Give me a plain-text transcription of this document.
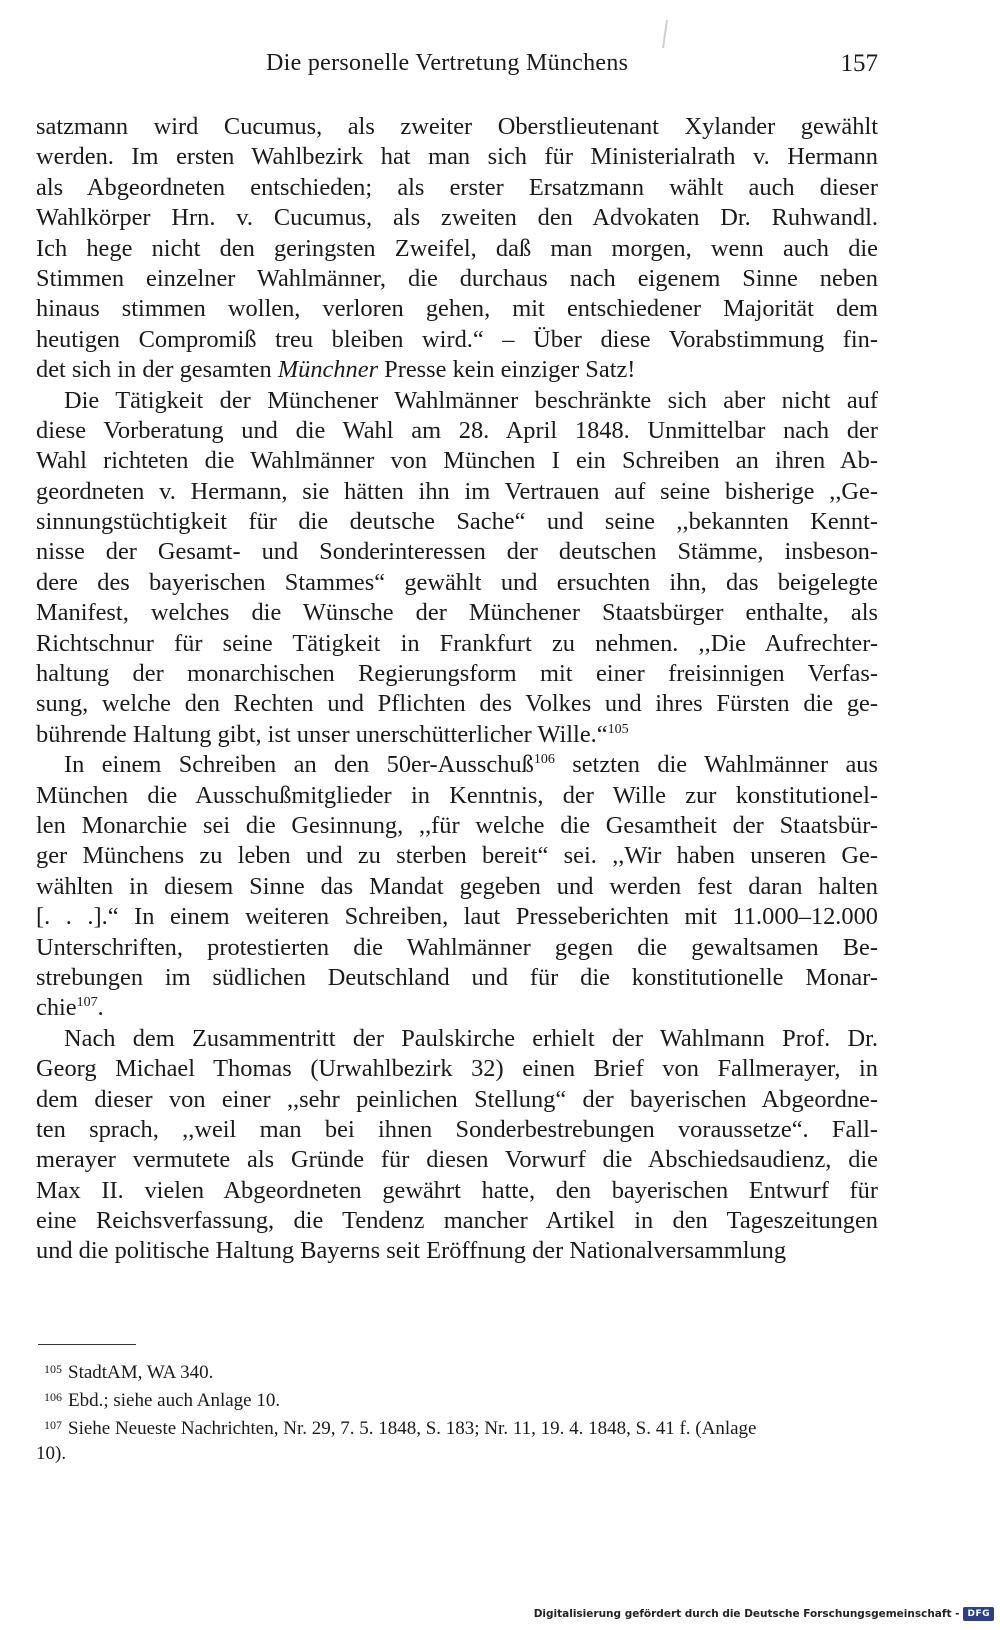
Die personelle Vertretung Münchens	157
satzmann wird Cucumus, als zweiter Oberstlieutenant Xylander gewählt
werden. Im ersten Wahlbezirk hat man sich für Ministerialrath v. Hermann
als Abgeordneten entschieden; als erster Ersatzmann wählt auch dieser
Wahlkörper Hrn. v. Cucumus, als zweiten den Advokaten Dr. Ruhwandl.
Ich hege nicht den geringsten Zweifel, daß man morgen, wenn auch die
Stimmen einzelner Wahlmänner, die durchaus nach eigenem Sinne neben
hinaus stimmen wollen, verloren gehen, mit entschiedener Majorität dem
heutigen Compromiß treu bleiben wird.“ – Über diese Vorabstimmung fin-
det sich in der gesamten Münchner Presse kein einziger Satz!
Die Tätigkeit der Münchener Wahlmänner beschränkte sich aber nicht auf
diese Vorberatung und die Wahl am 28. April 1848. Unmittelbar nach der
Wahl richteten die Wahlmänner von München I ein Schreiben an ihren Ab-
geordneten v. Hermann, sie hätten ihn im Vertrauen auf seine bisherige ,,Ge-
sinnungstüchtigkeit für die deutsche Sache“ und seine ,,bekannten Kennt-
nisse der Gesamt- und Sonderinteressen der deutschen Stämme, insbeson-
dere des bayerischen Stammes“ gewählt und ersuchten ihn, das beigelegte
Manifest, welches die Wünsche der Münchener Staatsbürger enthalte, als
Richtschnur für seine Tätigkeit in Frankfurt zu nehmen. ,,Die Aufrechter-
haltung der monarchischen Regierungsform mit einer freisinnigen Verfas-
sung, welche den Rechten und Pflichten des Volkes und ihres Fürsten die ge-
bührende Haltung gibt, ist unser unerschütterlicher Wille.“$^{105}$
In einem Schreiben an den 50er-Ausschuß$^{106}$ setzten die Wahlmänner aus
München die Ausschußmitglieder in Kenntnis, der Wille zur konstitutionel-
len Monarchie sei die Gesinnung, ,,für welche die Gesamtheit der Staatsbür-
ger Münchens zu leben und zu sterben bereit“ sei. ,,Wir haben unseren Ge-
wählten in diesem Sinne das Mandat gegeben und werden fest daran halten
[. . .].“ In einem weiteren Schreiben, laut Presseberichten mit 11.000–12.000
Unterschriften, protestierten die Wahlmänner gegen die gewaltsamen Be-
strebungen im südlichen Deutschland und für die konstitutionelle Monar-
chie$^{107}$.
Nach dem Zusammentritt der Paulskirche erhielt der Wahlmann Prof. Dr.
Georg Michael Thomas (Urwahlbezirk 32) einen Brief von Fallmerayer, in
dem dieser von einer ,,sehr peinlichen Stellung“ der bayerischen Abgeordne-
ten sprach, ,,weil man bei ihnen Sonderbestrebungen voraussetze“. Fall-
merayer vermutete als Gründe für diesen Vorwurf die Abschiedsaudienz, die
Max II. vielen Abgeordneten gewährt hatte, den bayerischen Entwurf für
eine Reichsverfassung, die Tendenz mancher Artikel in den Tageszeitungen
und die politische Haltung Bayerns seit Eröffnung der Nationalversammlung
105 StadtAM, WA 340.
106 Ebd.; siehe auch Anlage 10.
107 Siehe Neueste Nachrichten, Nr. 29, 7. 5. 1848, S. 183; Nr. 11, 19. 4. 1848, S. 41 f. (Anlage
10).
Digitalisierung gefördert durch die Deutsche Forschungsgemeinschaft - DFG
